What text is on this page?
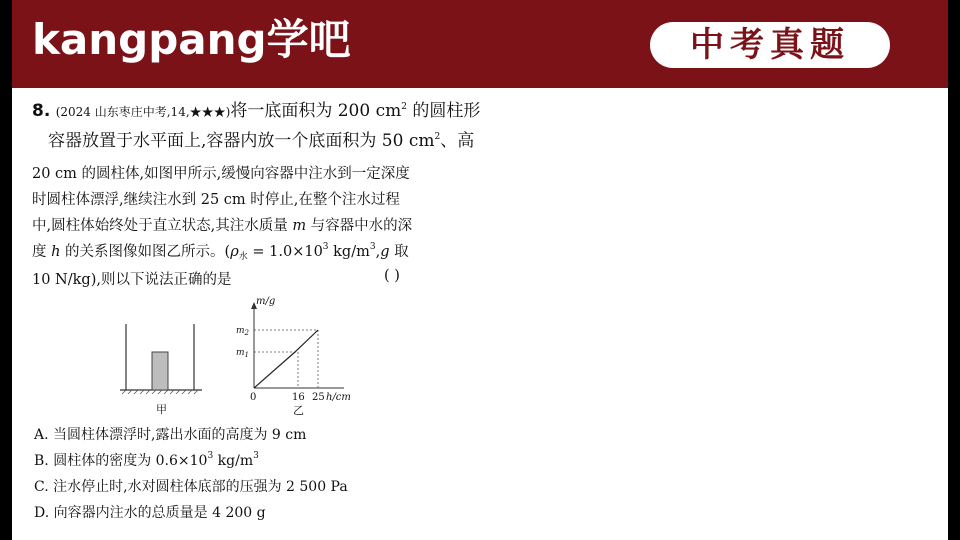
kangpang学吧	中考真题
8. (2024 山东枣庄中考,14,★★★)将一底面积为 200 $cm^2$ 的圆柱形
容器放置于水平面上,容器内放一个底面积为 50 $cm^2$、高
20 cm 的圆柱体,如图甲所示,缓慢向容器中注水到一定深度
时圆柱体漂浮,继续注水到 25 cm 时停止,在整个注水过程
中,圆柱体始终处于直立状态,其注水质量 m 与容器中水的深
度 h 的关系图像如图乙所示。($\rho_水 = 1.0\times 10^3$ $kg/m^3,g$ 取
10 N/kg),则以下说法正确的是	( )
甲
m/g
$m_2$
$m_1$
0	16 25 h/cm
乙
A. 当圆柱体漂浮时,露出水面的高度为 9 cm
B. 圆柱体的密度为 $0.6\times 10^3$ $kg/m^3$
C. 注水停止时,水对圆柱体底部的压强为 2 500 Pa
D. 向容器内注水的总质量是 4 200 g
